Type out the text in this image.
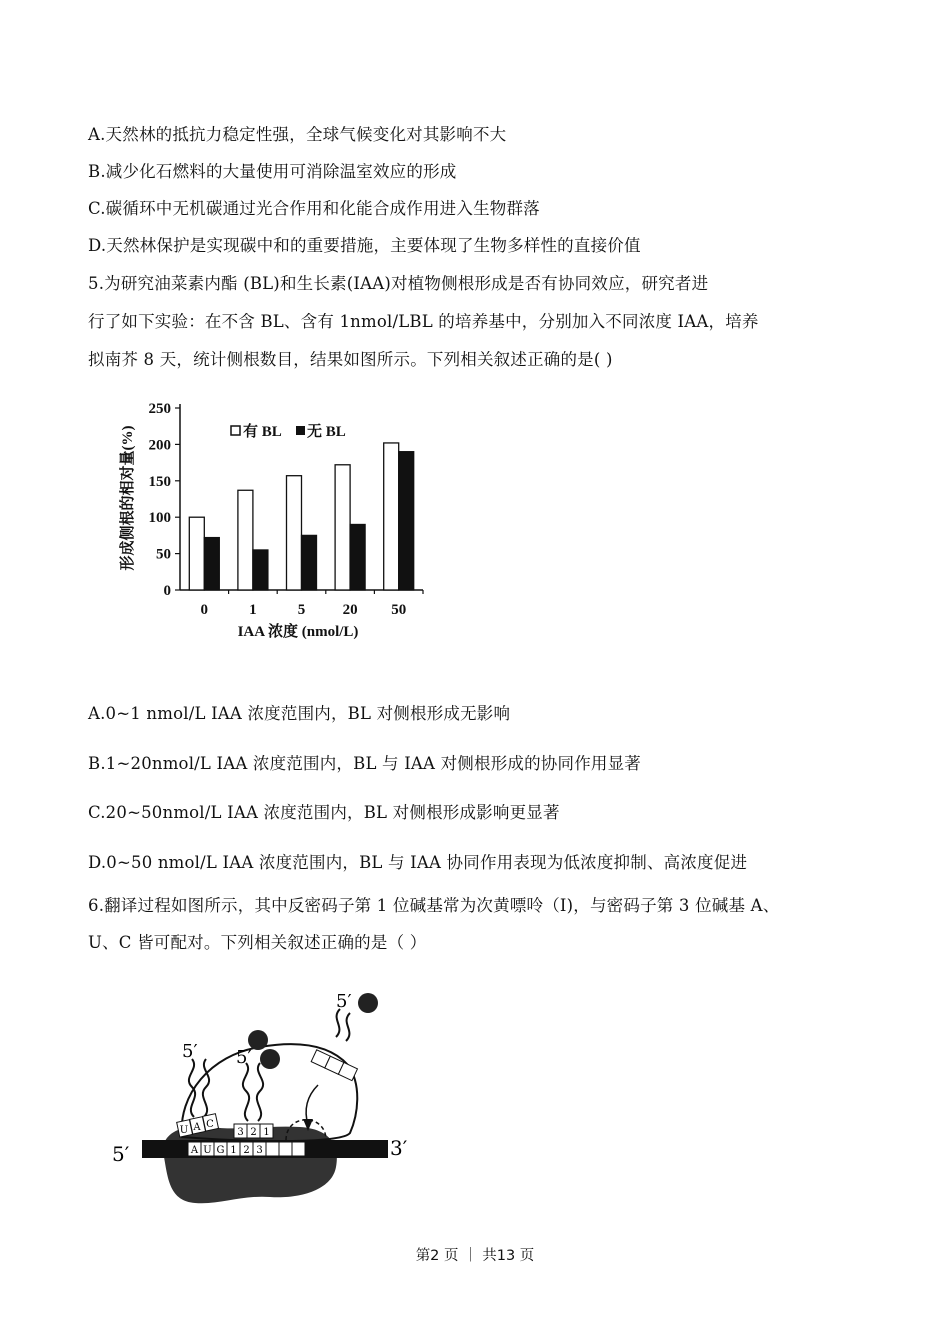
A.天然林的抵抗力稳定性强，全球气候变化对其影响不大
B.减少化石燃料的大量使用可消除温室效应的形成
C.碳循环中无机碳通过光合作用和化能合成作用进入生物群落
D.天然林保护是实现碳中和的重要措施，主要体现了生物多样性的直接价值
5.为研究油菜素内酯 (BL)和生长素(IAA)对植物侧根形成是否有协同效应，研究者进
行了如下实验：在不含 BL、含有 1nmol/LBL 的培养基中，分别加入不同浓度 IAA，培养
拟南芥 8 天，统计侧根数目，结果如图所示。下列相关叙述正确的是( )
0
50
100
150
200
250
0	1	5 20 50
形成侧根的相对量(%)
IAA 浓度 (nmol/L)
有 BL 无 BL
A.0~1 nmol/L IAA 浓度范围内，BL 对侧根形成无影响
B.1~20nmol/L IAA 浓度范围内，BL 与 IAA 对侧根形成的协同作用显著
C.20~50nmol/L IAA 浓度范围内，BL 对侧根形成影响更显著
D.0~50 nmol/L IAA 浓度范围内，BL 与 IAA 协同作用表现为低浓度抑制、高浓度促进
6.翻译过程如图所示，其中反密码子第 1 位碱基常为次黄嘌呤（I)，与密码子第 3 位碱基 A、
U、C 皆可配对。下列相关叙述正确的是（ ）
5′	3′
A U G 1 2 3
5′
U A C
5′
3 2 1
5′
第2 页 ｜ 共13 页
